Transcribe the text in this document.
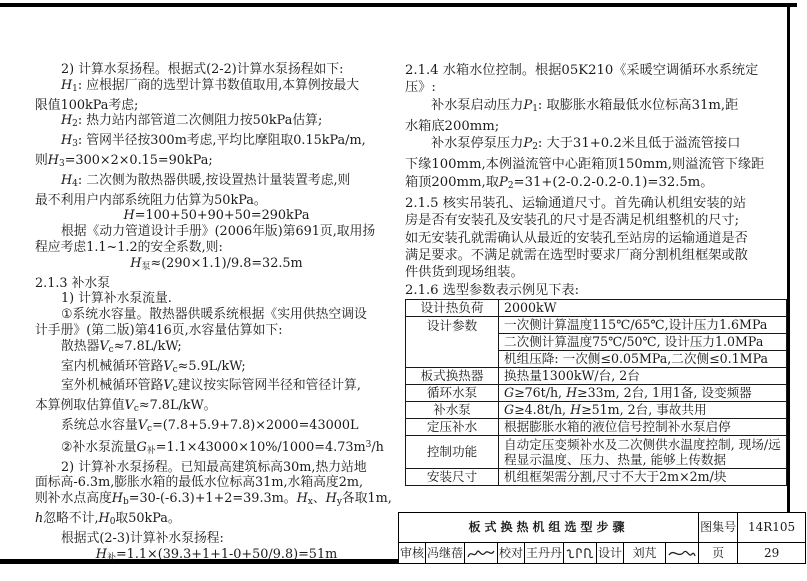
2) 计算水泵扬程。根据式(2-2)计算水泵扬程如下:
$H_1$: 应根据厂商的选型计算书数值取用,本算例按最大
限值100kPa考虑;
$H_2$: 热力站内部管道二次侧阻力按50kPa估算;
$H_3$: 管网半径按300m考虑,平均比摩阻取0.15kPa/m,
则$H_3=300\times 2\times 0.15=90kPa$;
$H_4$: 二次侧为散热器供暖,按设置热计量装置考虑,则
最不利用户内部系统阻力估算为50kPa。
H=100+50+90+50=290kPa
根据《动力管道设计手册》(2006年版)第691页,取用扬
程应考虑1.1~1.2的安全系数,则:
$H_泵\approx(290\times 1.1)/9.8=32.5m$
2.1.3 补水泵
1) 计算补水泵流量.
①系统水容量。散热器供暖系统根据《实用供热空调设
计手册》(第二版)第416页,水容量估算如下:
散热器$V_c\approx 7.8L/kW$;
室内机械循环管路$V_c\approx 5.9L/kW$;
室外机械循环管路$V_c$建议按实际管网半径和管径计算,
本算例取估算值$V_c\approx 7.8L/kW$。
系统总水容量$V_c=(7.8+5.9+7.8)\times 2000=43000L$
②补水泵流量$G_补=1.1\times 43000\times 10\%/1000=4.73m^3/h$
2) 计算补水泵扬程。已知最高建筑标高30m,热力站地
面标高-6.3m,膨胀水箱的最低水位标高31m,水箱高度2m,
则补水点高度$H_b=30-(-6.3)+1+2=39.3m$。$H_x$、$H_y$各取1m,
h忽略不计$,H_0$取50kPa。
根据式(2-3)计算补水泵扬程:
$H_补=1.1\times(39.3+1+1-0+50/9.8)=51m$
2.1.4 水箱水位控制。根据05K210《采暖空调循环水系统定
压》:
补水泵启动压力$P_1$: 取膨胀水箱最低水位标高31m,距
水箱底200mm;
补水泵停泵压力$P_2$: 大于31+0.2米且低于溢流管接口
下缘100mm,本例溢流管中心距箱顶150mm,则溢流管下缘距
箱顶200mm,取$P_2=31+(2-0.2-0.2-0.1)=32.5m$。
2.1.5 核实吊装孔、运输通道尺寸。首先确认机组安装的站
房是否有安装孔及安装孔的尺寸是否满足机组整机的尺寸;
如无安装孔就需确认从最近的安装孔至站房的运输通道是否
满足要求。不满足就需在选型时要求厂商分割机组框架或散
件供货到现场组装。
2.1.6 选型参数表示例见下表:
设计热负荷	2000kW
设计参数	一次侧计算温度115℃/65℃,设计压力1.6MPa
	二次侧计算温度75℃/50℃, 设计压力1.0MPa
	机组压降: 一次侧≤0.05MPa,二次侧≤0.1MPa
板式换热器	换热量1300kW/台, 2台
循环水泵	G≥76t/h, H≥33m, 2台, 1用1备, 设变频器
补水泵	G≥4.8t/h, H≥51m, 2台, 事故共用
定压补水	根据膨胀水箱的液位信号控制补水泵启停
控制功能	自动定压变频补水及二次侧供水温度控制, 现场/远程显示温度、压力、热量, 能够上传数据
安装尺寸	机组框架需分割,尺寸不大于2m×2m/块
板式换热机组选型步骤									图集号	14R105
审核	冯继蓓		校对	王丹丹		设计	刘芃		页	29
